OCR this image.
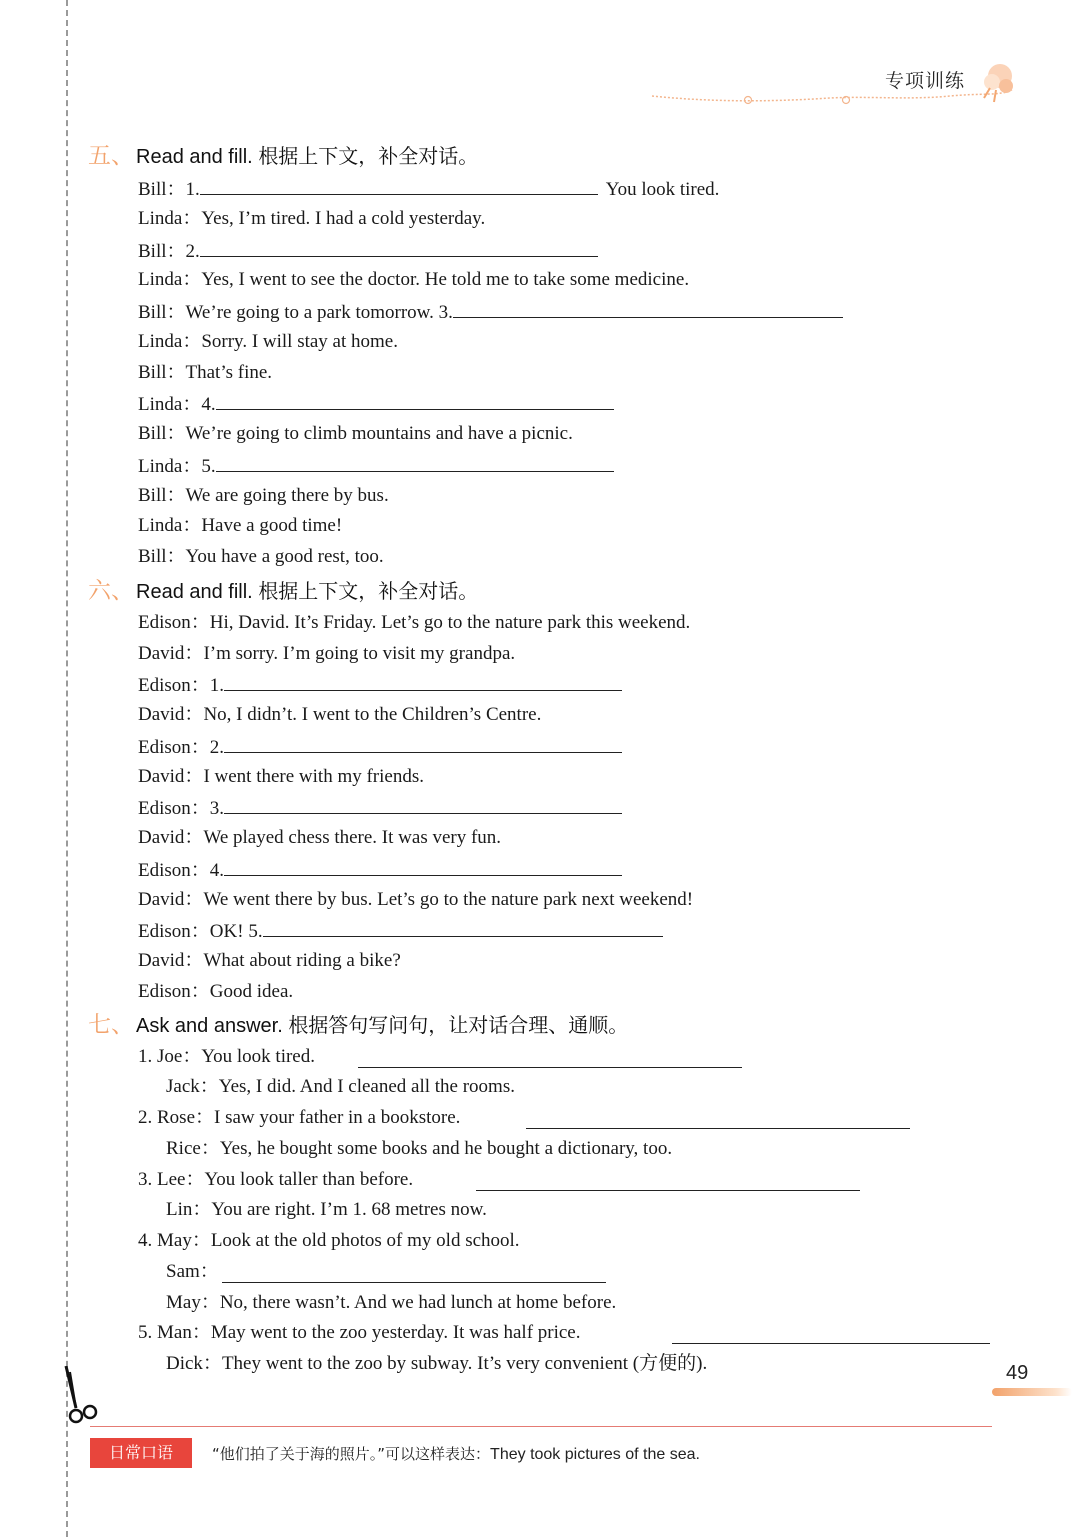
专项训练
五、 Read and fill. 根据上下文，补全对话。
Bill：1.	You look tired.
Linda：Yes, I’m tired. I had a cold yesterday.
Bill：2.
Linda：Yes, I went to see the doctor. He told me to take some medicine.
Bill：We’re going to a park tomorrow. 3.
Linda：Sorry. I will stay at home.
Bill：That’s fine.
Linda：4.
Bill：We’re going to climb mountains and have a picnic.
Linda：5.
Bill：We are going there by bus.
Linda：Have a good time!
Bill：You have a good rest, too.
六、 Read and fill. 根据上下文，补全对话。
Edison：Hi, David. It’s Friday. Let’s go to the nature park this weekend.
David：I’m sorry. I’m going to visit my grandpa.
Edison：1.
David：No, I didn’t. I went to the Children’s Centre.
Edison：2.
David：I went there with my friends.
Edison：3.
David：We played chess there. It was very fun.
Edison：4.
David：We went there by bus. Let’s go to the nature park next weekend!
Edison：OK! 5.
David：What about riding a bike?
Edison：Good idea.
七、 Ask and answer. 根据答句写问句，让对话合理、通顺。
1. Joe：You look tired.
Jack：Yes, I did. And I cleaned all the rooms.
2. Rose：I saw your father in a bookstore.
Rice：Yes, he bought some books and he bought a dictionary, too.
3. Lee：You look taller than before.
Lin：You are right. I’m 1. 68 metres now.
4. May：Look at the old photos of my old school.
Sam：
May：No, there wasn’t. And we had lunch at home before.
5. Man：May went to the zoo yesterday. It was half price.
Dick：They went to the zoo by subway. It’s very convenient (方便的).	49
日常口语	“他们拍了关于海的照片。”可以这样表达：They took pictures of the sea.
